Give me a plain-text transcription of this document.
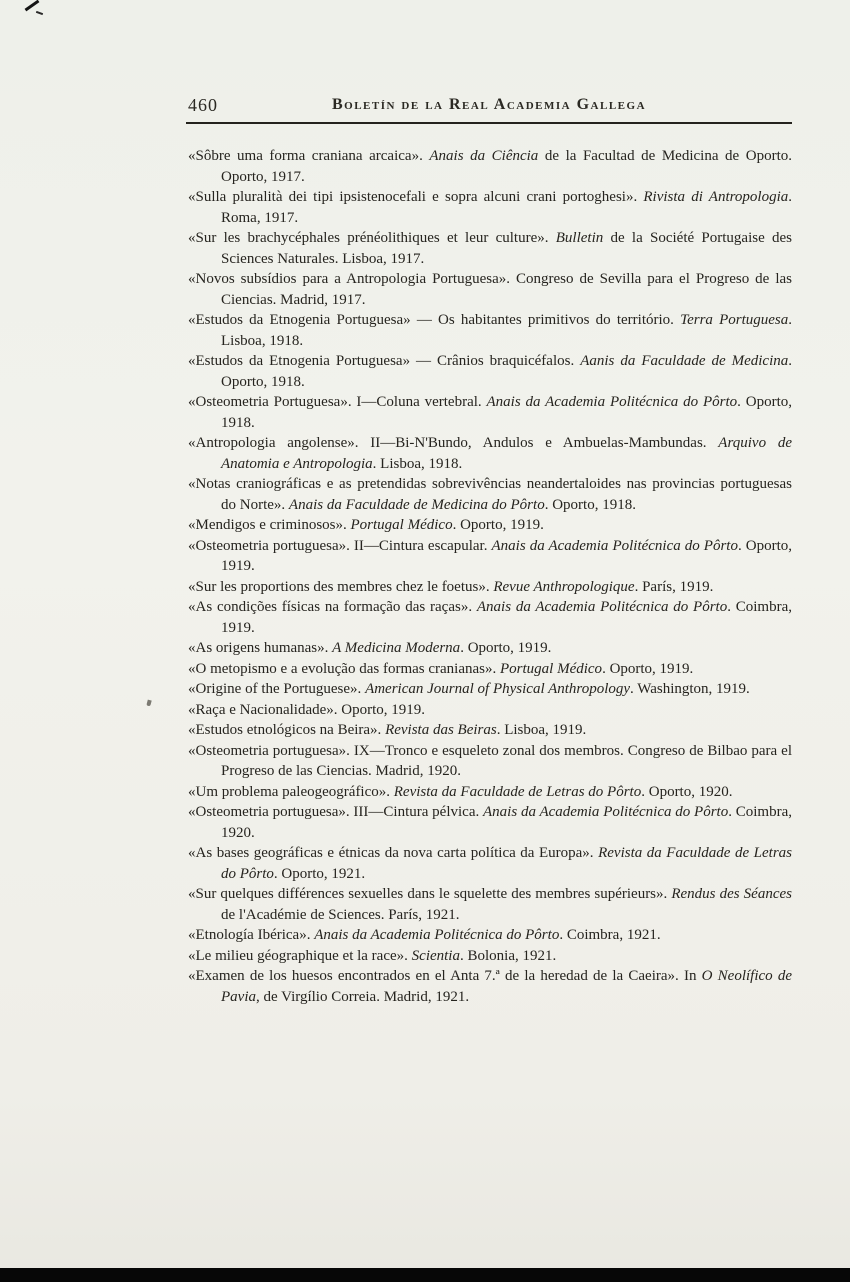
460	Boletín de la Real Academia Gallega

«Sôbre uma forma craniana arcaica». Anais da Ciência de la Facultad de Medicina de Oporto. Oporto, 1917.

«Sulla pluralità dei tipi ipsistenocefali e sopra alcuni crani portoghesi». Rivista di Antropologia. Roma, 1917.

«Sur les brachycéphales prénéolithiques et leur culture». Bulletin de la Société Portugaise des Sciences Naturales. Lisboa, 1917.

«Novos subsídios para a Antropologia Portuguesa». Congreso de Sevilla para el Progreso de las Ciencias. Madrid, 1917.

«Estudos da Etnogenia Portuguesa» — Os habitantes primitivos do território. Terra Portuguesa. Lisboa, 1918.

«Estudos da Etnogenia Portuguesa» — Crânios braquicéfalos. Aanis da Faculdade de Medicina. Oporto, 1918.

«Osteometria Portuguesa». I—Coluna vertebral. Anais da Academia Politécnica do Pôrto. Oporto, 1918.

«Antropologia angolense». II—Bi-N'Bundo, Andulos e Ambuelas-Mambundas. Arquivo de Anatomia e Antropologia. Lisboa, 1918.

«Notas craniográficas e as pretendidas sobrevivências neandertaloides nas provincias portuguesas do Norte». Anais da Faculdade de Medicina do Pôrto. Oporto, 1918.

«Mendigos e criminosos». Portugal Médico. Oporto, 1919.

«Osteometria portuguesa». II—Cintura escapular. Anais da Academia Politécnica do Pôrto. Oporto, 1919.

«Sur les proportions des membres chez le foetus». Revue Anthropologique. París, 1919.

«As condições físicas na formação das raças». Anais da Academia Politécnica do Pôrto. Coimbra, 1919.

«As origens humanas». A Medicina Moderna. Oporto, 1919.

«O metopismo e a evolução das formas cranianas». Portugal Médico. Oporto, 1919.

«Origine of the Portuguese». American Journal of Physical Anthropology. Washington, 1919.

«Raça e Nacionalidade». Oporto, 1919.

«Estudos etnológicos na Beira». Revista das Beiras. Lisboa, 1919.

«Osteometria portuguesa». IX—Tronco e esqueleto zonal dos membros. Congreso de Bilbao para el Progreso de las Ciencias. Madrid, 1920.

«Um problema paleogeográfico». Revista da Faculdade de Letras do Pôrto. Oporto, 1920.

«Osteometria portuguesa». III—Cintura pélvica. Anais da Academia Politécnica do Pôrto. Coimbra, 1920.

«As bases geográficas e étnicas da nova carta política da Europa». Revista da Faculdade de Letras do Pôrto. Oporto, 1921.

«Sur quelques différences sexuelles dans le squelette des membres supérieurs». Rendus des Séances de l'Académie de Sciences. París, 1921.

«Etnología Ibérica». Anais da Academia Politécnica do Pôrto. Coimbra, 1921.

«Le milieu géographique et la race». Scientia. Bolonia, 1921.

«Examen de los huesos encontrados en el Anta 7.ª de la heredad de la Caeira». In O Neolífico de Pavia, de Virgílio Correia. Madrid, 1921.
